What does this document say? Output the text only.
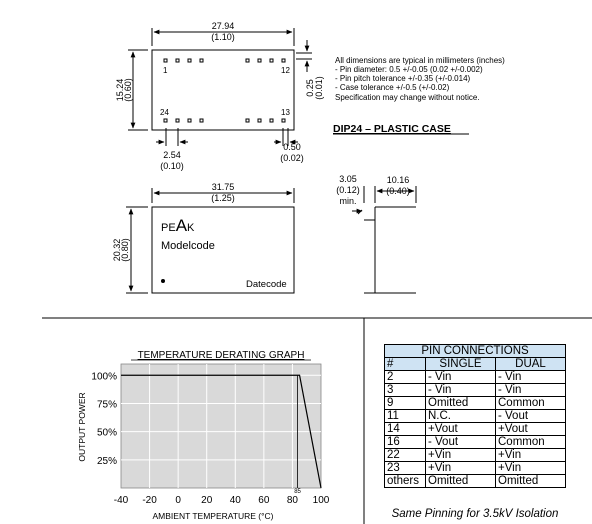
27.94
(1.10)
15.24
(0.60)
1	12
24	13
0.25 (0.01)
2.54
(0.10)
0.50
(0.02)
All dimensions are typical in millimeters (inches)
- Pin diameter: 0.5 +/-0.05 (0.02 +/-0.002)
- Pin pitch tolerance +/-0.35 (+/-0.014)
- Case tolerance +/-0.5 (+/-0.02)
Specification may change without notice.
DIP24 – PLASTIC CASE
31.75
(1.25)
20.32
(0.80)
PEAK
Modelcode
Datecode
3.05
(0.12)
min.
10.16
(0.40)
TEMPERATURE DERATING GRAPH
-40 -20 0 20 40 60 80 100
100%
75%
50%
25%
85
AMBIENT TEMPERATURE (°C)
OUTPUT POWER
PIN CONNECTIONS		
#	SINGLE	DUAL
2	- Vin	- Vin
3	- Vin	- Vin
9	Omitted	Common
11	N.C.	- Vout
14	+Vout	+Vout
16	- Vout	Common
22	+Vin	+Vin
23	+Vin	+Vin
others	Omitted	Omitted
Same Pinning for 3.5kV Isolation
